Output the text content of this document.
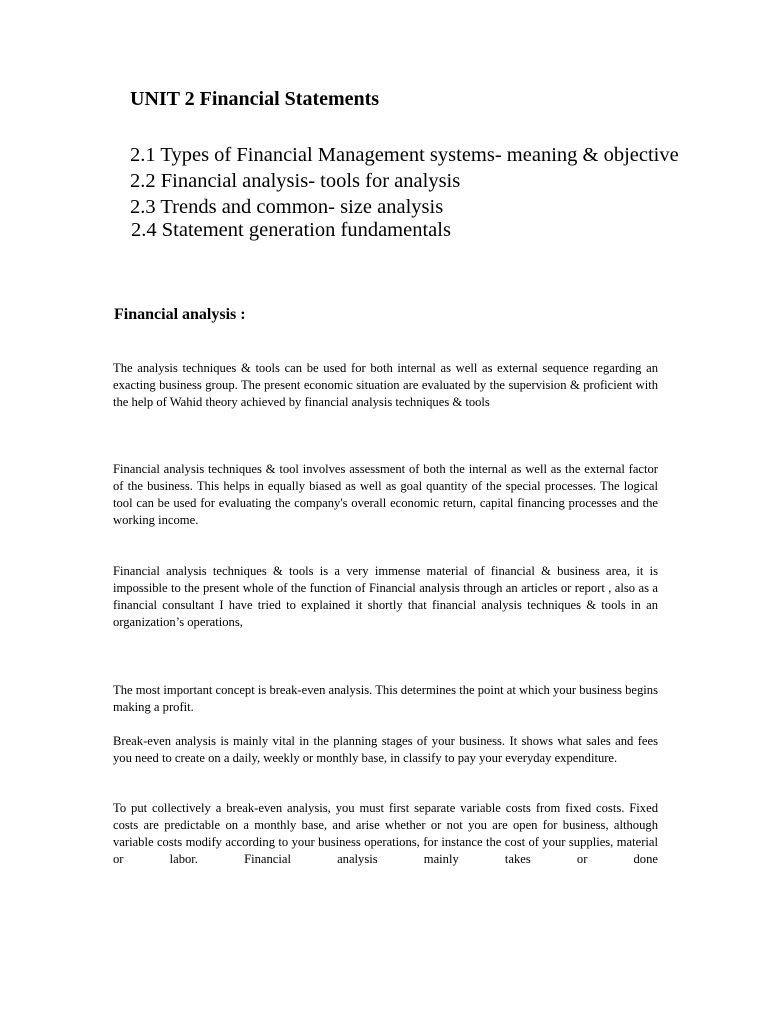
UNIT 2 Financial Statements
2.1 Types of Financial Management systems- meaning & objective
2.2 Financial analysis- tools for analysis
2.3 Trends and common- size analysis
2.4 Statement generation fundamentals
Financial analysis :

The analysis techniques & tools can be used for both internal as well as external sequence regarding an exacting business group. The present economic situation are evaluated by the supervision & proficient with the help of Wahid theory achieved by financial analysis techniques & tools

Financial analysis techniques & tool involves assessment of both the internal as well as the external factor of the business. This helps in equally biased as well as goal quantity of the special processes. The logical tool can be used for evaluating the company's overall economic return, capital financing processes and the working income.

Financial analysis techniques & tools is a very immense material of financial & business area, it is impossible to the present whole of the function of Financial analysis through an articles or report , also as a financial consultant I have tried to explained it shortly that financial analysis techniques & tools in an organization’s operations,

The most important concept is break-even analysis. This determines the point at which your business begins making a profit.

Break-even analysis is mainly vital in the planning stages of your business. It shows what sales and fees you need to create on a daily, weekly or monthly base, in classify to pay your everyday expenditure.

To put collectively a break-even analysis, you must first separate variable costs from fixed costs. Fixed costs are predictable on a monthly base, and arise whether or not you are open for business, although variable costs modify according to your business operations, for instance the cost of your supplies, material or labor. Financial analysis mainly takes or done
